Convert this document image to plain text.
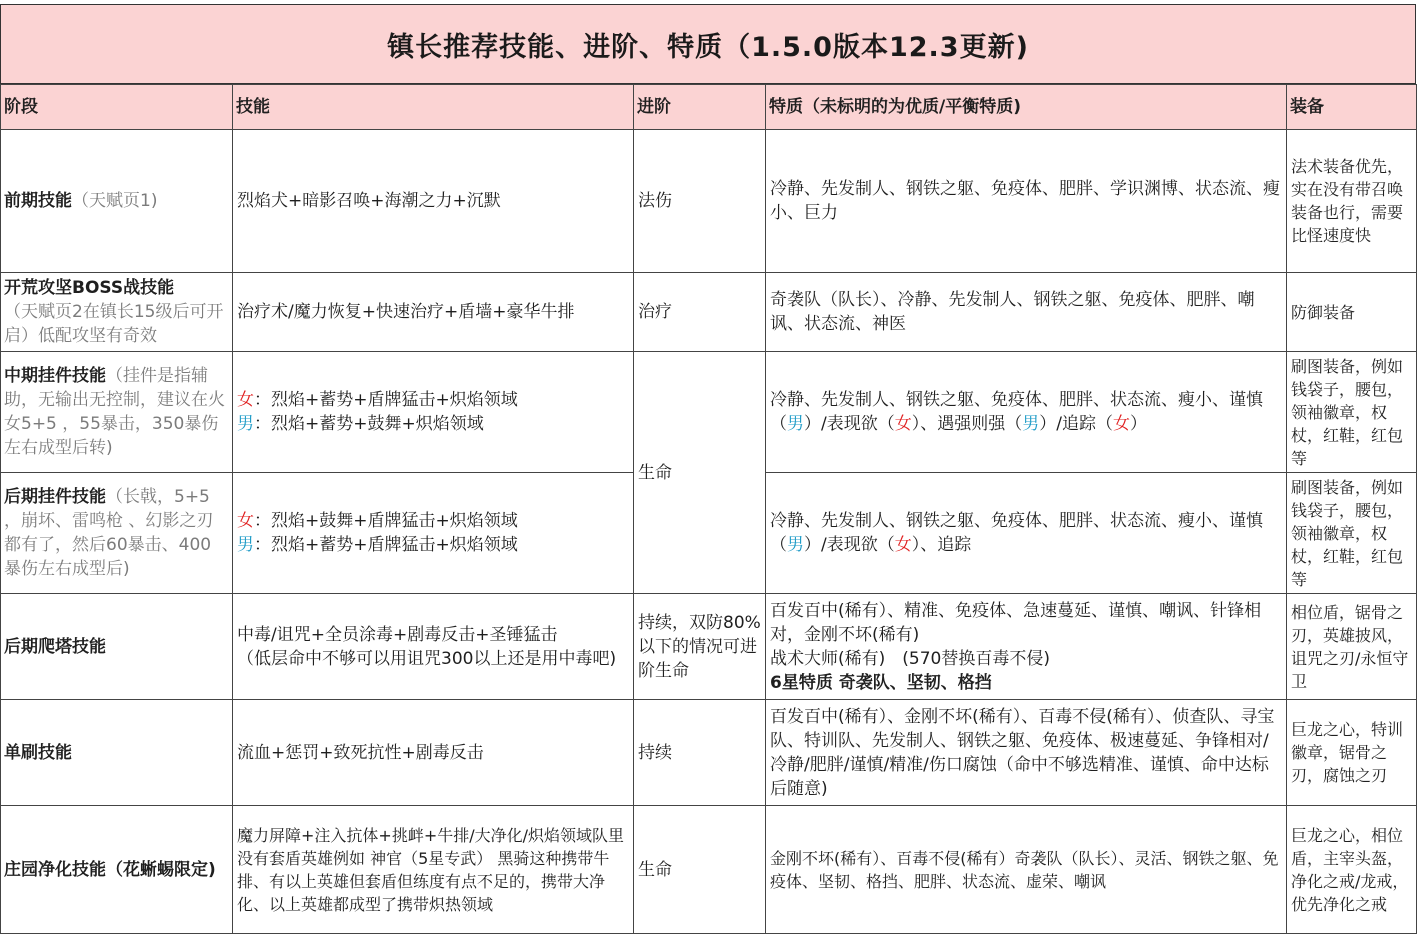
镇长推荐技能、进阶、特质（1.5.0版本12.3更新)
阶段	技能	进阶	特质（未标明的为优质/平衡特质)	装备
前期技能（天赋页1)	烈焰犬+暗影召唤+海潮之力+沉默	法伤	冷静、先发制人、钢铁之躯、免疫体、肥胖、学识渊博、状态流、瘦小、巨力	法术装备优先，实在没有带召唤装备也行，需要比怪速度快
开荒攻坚BOSS战技能
（天赋页2在镇长15级后可开启）低配攻坚有奇效	治疗术/魔力恢复+快速治疗+盾墙+豪华牛排	治疗	奇袭队（队长）、冷静、先发制人、钢铁之躯、免疫体、肥胖、嘲讽、状态流、神医	防御装备
中期挂件技能（挂件是指辅助，无输出无控制，建议在火女5+5 ，55暴击，350暴伤左右成型后转)	女：烈焰+蓄势+盾牌猛击+炽焰领域
男：烈焰+蓄势+鼓舞+炽焰领域	生命	冷静、先发制人、钢铁之躯、免疫体、肥胖、状态流、瘦小、谨慎（男）/表现欲（女）、遇强则强（男）/追踪（女）	刷图装备，例如钱袋子，腰包，领袖徽章，权杖，红鞋，红包等
后期挂件技能（长戟，5+5 ，崩坏、雷鸣枪 、幻影之刃都有了，然后60暴击、400暴伤左右成型后)	女：烈焰+鼓舞+盾牌猛击+炽焰领域
男：烈焰+蓄势+盾牌猛击+炽焰领域		冷静、先发制人、钢铁之躯、免疫体、肥胖、状态流、瘦小、谨慎（男）/表现欲（女）、追踪	刷图装备，例如钱袋子，腰包，领袖徽章，权杖，红鞋，红包等
后期爬塔技能	中毒/诅咒+全员涂毒+剧毒反击+圣锤猛击
（低层命中不够可以用诅咒300以上还是用中毒吧)	持续，双防80%以下的情况可进阶生命	百发百中(稀有）、精准、免疫体、急速蔓延、谨慎、嘲讽、针锋相对，金刚不坏(稀有)
战术大师(稀有)　(570替换百毒不侵)
6星特质 奇袭队、坚韧、格挡	相位盾，锯骨之刃，英雄披风，诅咒之刃/永恒守卫
单刷技能	流血+惩罚+致死抗性+剧毒反击	持续	百发百中(稀有）、金刚不坏(稀有）、百毒不侵(稀有）、侦查队、寻宝队、特训队、先发制人、钢铁之躯、免疫体、极速蔓延、争锋相对/冷静/肥胖/谨慎/精准/伤口腐蚀（命中不够选精准、谨慎、命中达标后随意)	巨龙之心，特训徽章，锯骨之刃，腐蚀之刃
庄园净化技能（花蜥蜴限定)	魔力屏障+注入抗体+挑衅+牛排/大净化/炽焰领域队里没有套盾英雄例如 神官（5星专武） 黑骑这种携带牛排、有以上英雄但套盾但练度有点不足的，携带大净化、以上英雄都成型了携带炽热领域	生命	金刚不坏(稀有）、百毒不侵(稀有）奇袭队（队长）、灵活、钢铁之躯、免疫体、坚韧、格挡、肥胖、状态流、虚荣、嘲讽	巨龙之心，相位盾，主宰头盔，净化之戒/龙戒，优先净化之戒
